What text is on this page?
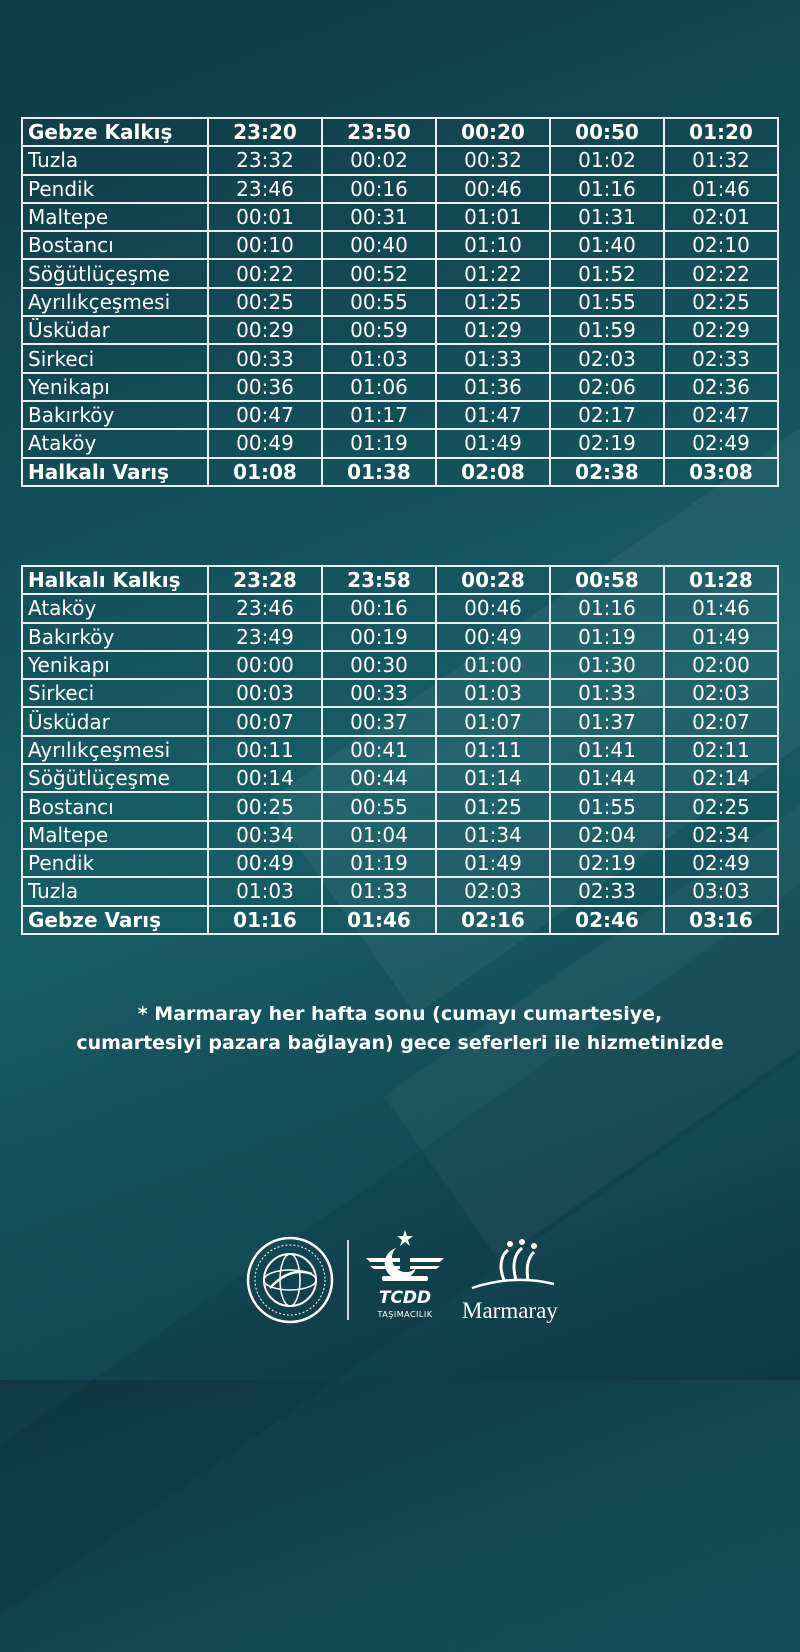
Gebze Kalkış	23:20	23:50	00:20	00:50	01:20
Tuzla	23:32	00:02	00:32	01:02	01:32
Pendik	23:46	00:16	00:46	01:16	01:46
Maltepe	00:01	00:31	01:01	01:31	02:01
Bostancı	00:10	00:40	01:10	01:40	02:10
Söğütlüçeşme	00:22	00:52	01:22	01:52	02:22
Ayrılıkçeşmesi	00:25	00:55	01:25	01:55	02:25
Üsküdar	00:29	00:59	01:29	01:59	02:29
Sirkeci	00:33	01:03	01:33	02:03	02:33
Yenikapı	00:36	01:06	01:36	02:06	02:36
Bakırköy	00:47	01:17	01:47	02:17	02:47
Ataköy	00:49	01:19	01:49	02:19	02:49
Halkalı Varış	01:08	01:38	02:08	02:38	03:08
Halkalı Kalkış	23:28	23:58	00:28	00:58	01:28
Ataköy	23:46	00:16	00:46	01:16	01:46
Bakırköy	23:49	00:19	00:49	01:19	01:49
Yenikapı	00:00	00:30	01:00	01:30	02:00
Sirkeci	00:03	00:33	01:03	01:33	02:03
Üsküdar	00:07	00:37	01:07	01:37	02:07
Ayrılıkçeşmesi	00:11	00:41	01:11	01:41	02:11
Söğütlüçeşme	00:14	00:44	01:14	01:44	02:14
Bostancı	00:25	00:55	01:25	01:55	02:25
Maltepe	00:34	01:04	01:34	02:04	02:34
Pendik	00:49	01:19	01:49	02:19	02:49
Tuzla	01:03	01:33	02:03	02:33	03:03
Gebze Varış	01:16	01:46	02:16	02:46	03:16
* Marmaray her hafta sonu (cumayı cumartesiye,
cumartesiyi pazara bağlayan) gece seferleri ile hizmetinizde
TCDD
TAŞIMACILIK	Marmaray
